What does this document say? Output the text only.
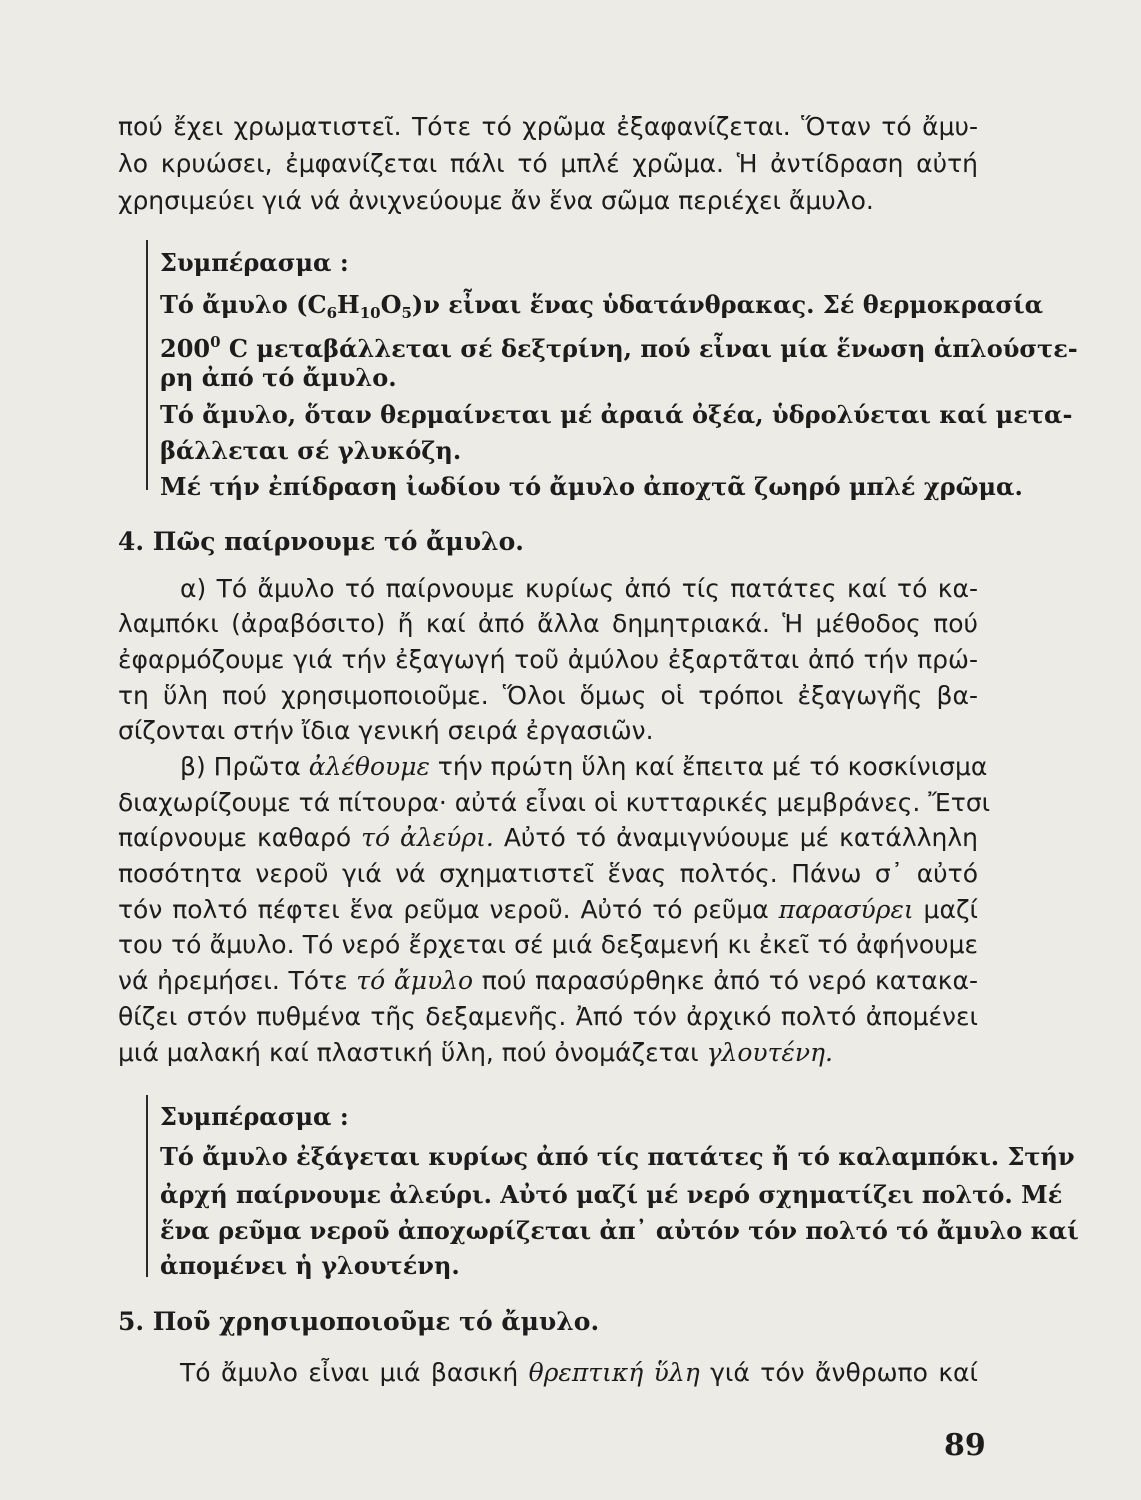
πού ἔχει χρωματιστεῖ. Τότε τό χρῶμα ἐξαφανίζεται. Ὅταν τό ἄμυ-
λο κρυώσει, ἐμφανίζεται πάλι τό μπλέ χρῶμα. Ἡ ἀντίδραση αὐτή
χρησιμεύει γιά νά ἀνιχνεύουμε ἄν ἕνα σῶμα περιέχει ἄμυλο.
Συμπέρασμα :
Τό ἄμυλο $(C_6H_{10}O_5)\nu$ εἶναι ἕνας ὑδατάνθρακας. Σέ θερμοκρασία
$200^0$ C μεταβάλλεται σέ δεξτρίνη, πού εἶναι μία ἕνωση ἁπλούστε-
ρη ἀπό τό ἄμυλο.
Τό ἄμυλο, ὅταν θερμαίνεται μέ ἀραιά ὀξέα, ὑδρολύεται καί μετα-
βάλλεται σέ γλυκόζη.
Μέ τήν ἐπίδραση ἰωδίου τό ἄμυλο ἀποχτᾶ ζωηρό μπλέ χρῶμα.
4. Πῶς παίρνουμε τό ἄμυλο.
α) Τό ἄμυλο τό παίρνουμε κυρίως ἀπό τίς πατάτες καί τό κα-
λαμπόκι (ἀραβόσιτο) ἤ καί ἀπό ἄλλα δημητριακά. Ἡ μέθοδος πού
ἐφαρμόζουμε γιά τήν ἐξαγωγή τοῦ ἀμύλου ἐξαρτᾶται ἀπό τήν πρώ-
τη ὕλη πού χρησιμοποιοῦμε. Ὅλοι ὅμως οἱ τρόποι ἐξαγωγῆς βα-
σίζονται στήν ἴδια γενική σειρά ἐργασιῶν.
β) Πρῶτα ἀλέθουμε τήν πρώτη ὕλη καί ἔπειτα μέ τό κοσκίνισμα
διαχωρίζουμε τά πίτουρα· αὐτά εἶναι οἱ κυτταρικές μεμβράνες. Ἔτσι
παίρνουμε καθαρό τό ἀλεύρι. Αὐτό τό ἀναμιγνύουμε μέ κατάλληλη
ποσότητα νεροῦ γιά νά σχηματιστεῖ ἕνας πολτός. Πάνω σ᾽ αὐτό
τόν πολτό πέφτει ἕνα ρεῦμα νεροῦ. Αὐτό τό ρεῦμα παρασύρει μαζί
του τό ἄμυλο. Τό νερό ἔρχεται σέ μιά δεξαμενή κι ἐκεῖ τό ἀφήνουμε
νά ἠρεμήσει. Τότε τό ἄμυλο πού παρασύρθηκε ἀπό τό νερό κατακα-
θίζει στόν πυθμένα τῆς δεξαμενῆς. Ἀπό τόν ἀρχικό πολτό ἀπομένει
μιά μαλακή καί πλαστική ὕλη, πού ὀνομάζεται γλουτένη.
Συμπέρασμα :
Τό ἄμυλο ἐξάγεται κυρίως ἀπό τίς πατάτες ἤ τό καλαμπόκι. Στήν
ἀρχή παίρνουμε ἀλεύρι. Αὐτό μαζί μέ νερό σχηματίζει πολτό. Μέ
ἕνα ρεῦμα νεροῦ ἀποχωρίζεται ἀπ᾽ αὐτόν τόν πολτό τό ἄμυλο καί
ἀπομένει ἡ γλουτένη.
5. Ποῦ χρησιμοποιοῦμε τό ἄμυλο.
Τό ἄμυλο εἶναι μιά βασική θρεπτική ὕλη γιά τόν ἄνθρωπο καί
89
